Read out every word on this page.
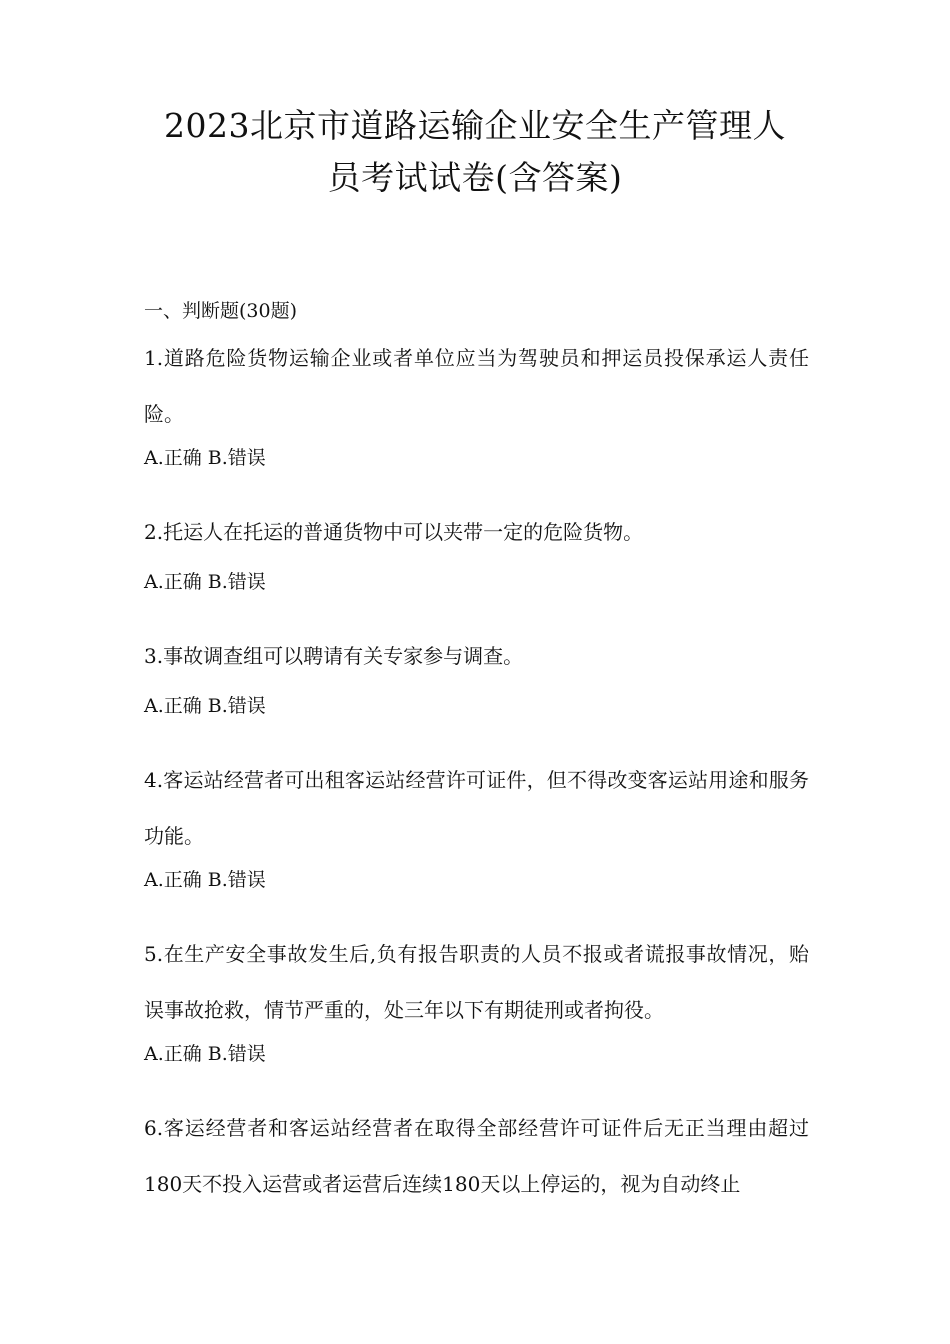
2023北京市道路运输企业安全生产管理人
员考试试卷(含答案)
一、判断题(30题)
1.道路危险货物运输企业或者单位应当为驾驶员和押运员投保承运人责任险。
A.正确 B.错误
2.托运人在托运的普通货物中可以夹带一定的危险货物。
A.正确 B.错误
3.事故调查组可以聘请有关专家参与调查。
A.正确 B.错误
4.客运站经营者可出租客运站经营许可证件，但不得改变客运站用途和服务功能。
A.正确 B.错误
5.在生产安全事故发生后,负有报告职责的人员不报或者谎报事故情况，贻误事故抢救，情节严重的，处三年以下有期徒刑或者拘役。
A.正确 B.错误
6.客运经营者和客运站经营者在取得全部经营许可证件后无正当理由超过180天不投入运营或者运营后连续180天以上停运的，视为自动终止
